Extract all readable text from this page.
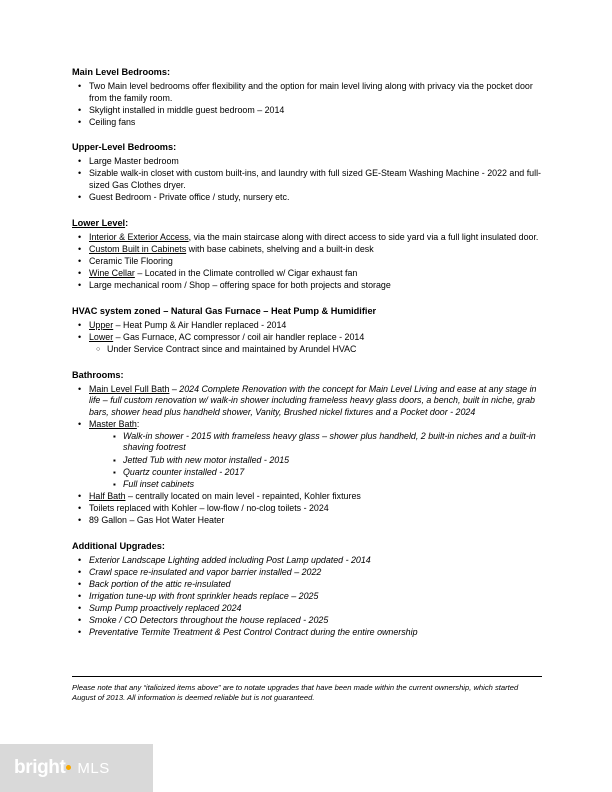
Main Level Bedrooms:
• Two Main level bedrooms offer flexibility and the option for main level living along with privacy via the pocket door from the family room.
• Skylight installed in middle guest bedroom – 2014
• Ceiling fans
Upper-Level Bedrooms:
• Large Master bedroom
• Sizable walk-in closet with custom built-ins, and laundry with full sized GE-Steam Washing Machine - 2022 and full-sized Gas Clothes dryer.
• Guest Bedroom - Private office / study, nursery etc.
Lower Level:
• Interior & Exterior Access, via the main staircase along with direct access to side yard via a full light insulated door.
• Custom Built in Cabinets with base cabinets, shelving and a built-in desk
• Ceramic Tile Flooring
• Wine Cellar – Located in the Climate controlled w/ Cigar exhaust fan
• Large mechanical room / Shop – offering space for both projects and storage
HVAC system zoned – Natural Gas Furnace – Heat Pump & Humidifier
• Upper – Heat Pump & Air Handler replaced - 2014
• Lower – Gas Furnace, AC compressor / coil air handler replace - 2014
○ Under Service Contract since and maintained by Arundel HVAC
Bathrooms:
• Main Level Full Bath – 2024 Complete Renovation with the concept for Main Level Living and ease at any stage in life – full custom renovation w/ walk-in shower including frameless heavy glass doors, a bench, built in niche, grab bars, shower head plus handheld shower, Vanity, Brushed nickel fixtures and a Pocket door - 2024
• Master Bath:
▪ Walk-in shower - 2015 with frameless heavy glass – shower plus handheld, 2 built-in niches and a built-in shaving footrest
▪ Jetted Tub with new motor installed - 2015
▪ Quartz counter installed - 2017
▪ Full inset cabinets
• Half Bath – centrally located on main level - repainted, Kohler fixtures
• Toilets replaced with Kohler – low-flow / no-clog toilets - 2024
• 89 Gallon – Gas Hot Water Heater
Additional Upgrades:
• Exterior Landscape Lighting added including Post Lamp updated - 2014
• Crawl space re-insulated and vapor barrier installed – 2022
• Back portion of the attic re-insulated
• Irrigation tune-up with front sprinkler heads replace – 2025
• Sump Pump proactively replaced 2024
• Smoke / CO Detectors throughout the house replaced - 2025
• Preventative Termite Treatment & Pest Control Contract during the entire ownership
Please note that any “italicized items above” are to notate upgrades that have been made within the current ownership, which started August of 2013. All information is deemed reliable but is not guaranteed.
bright MLS
